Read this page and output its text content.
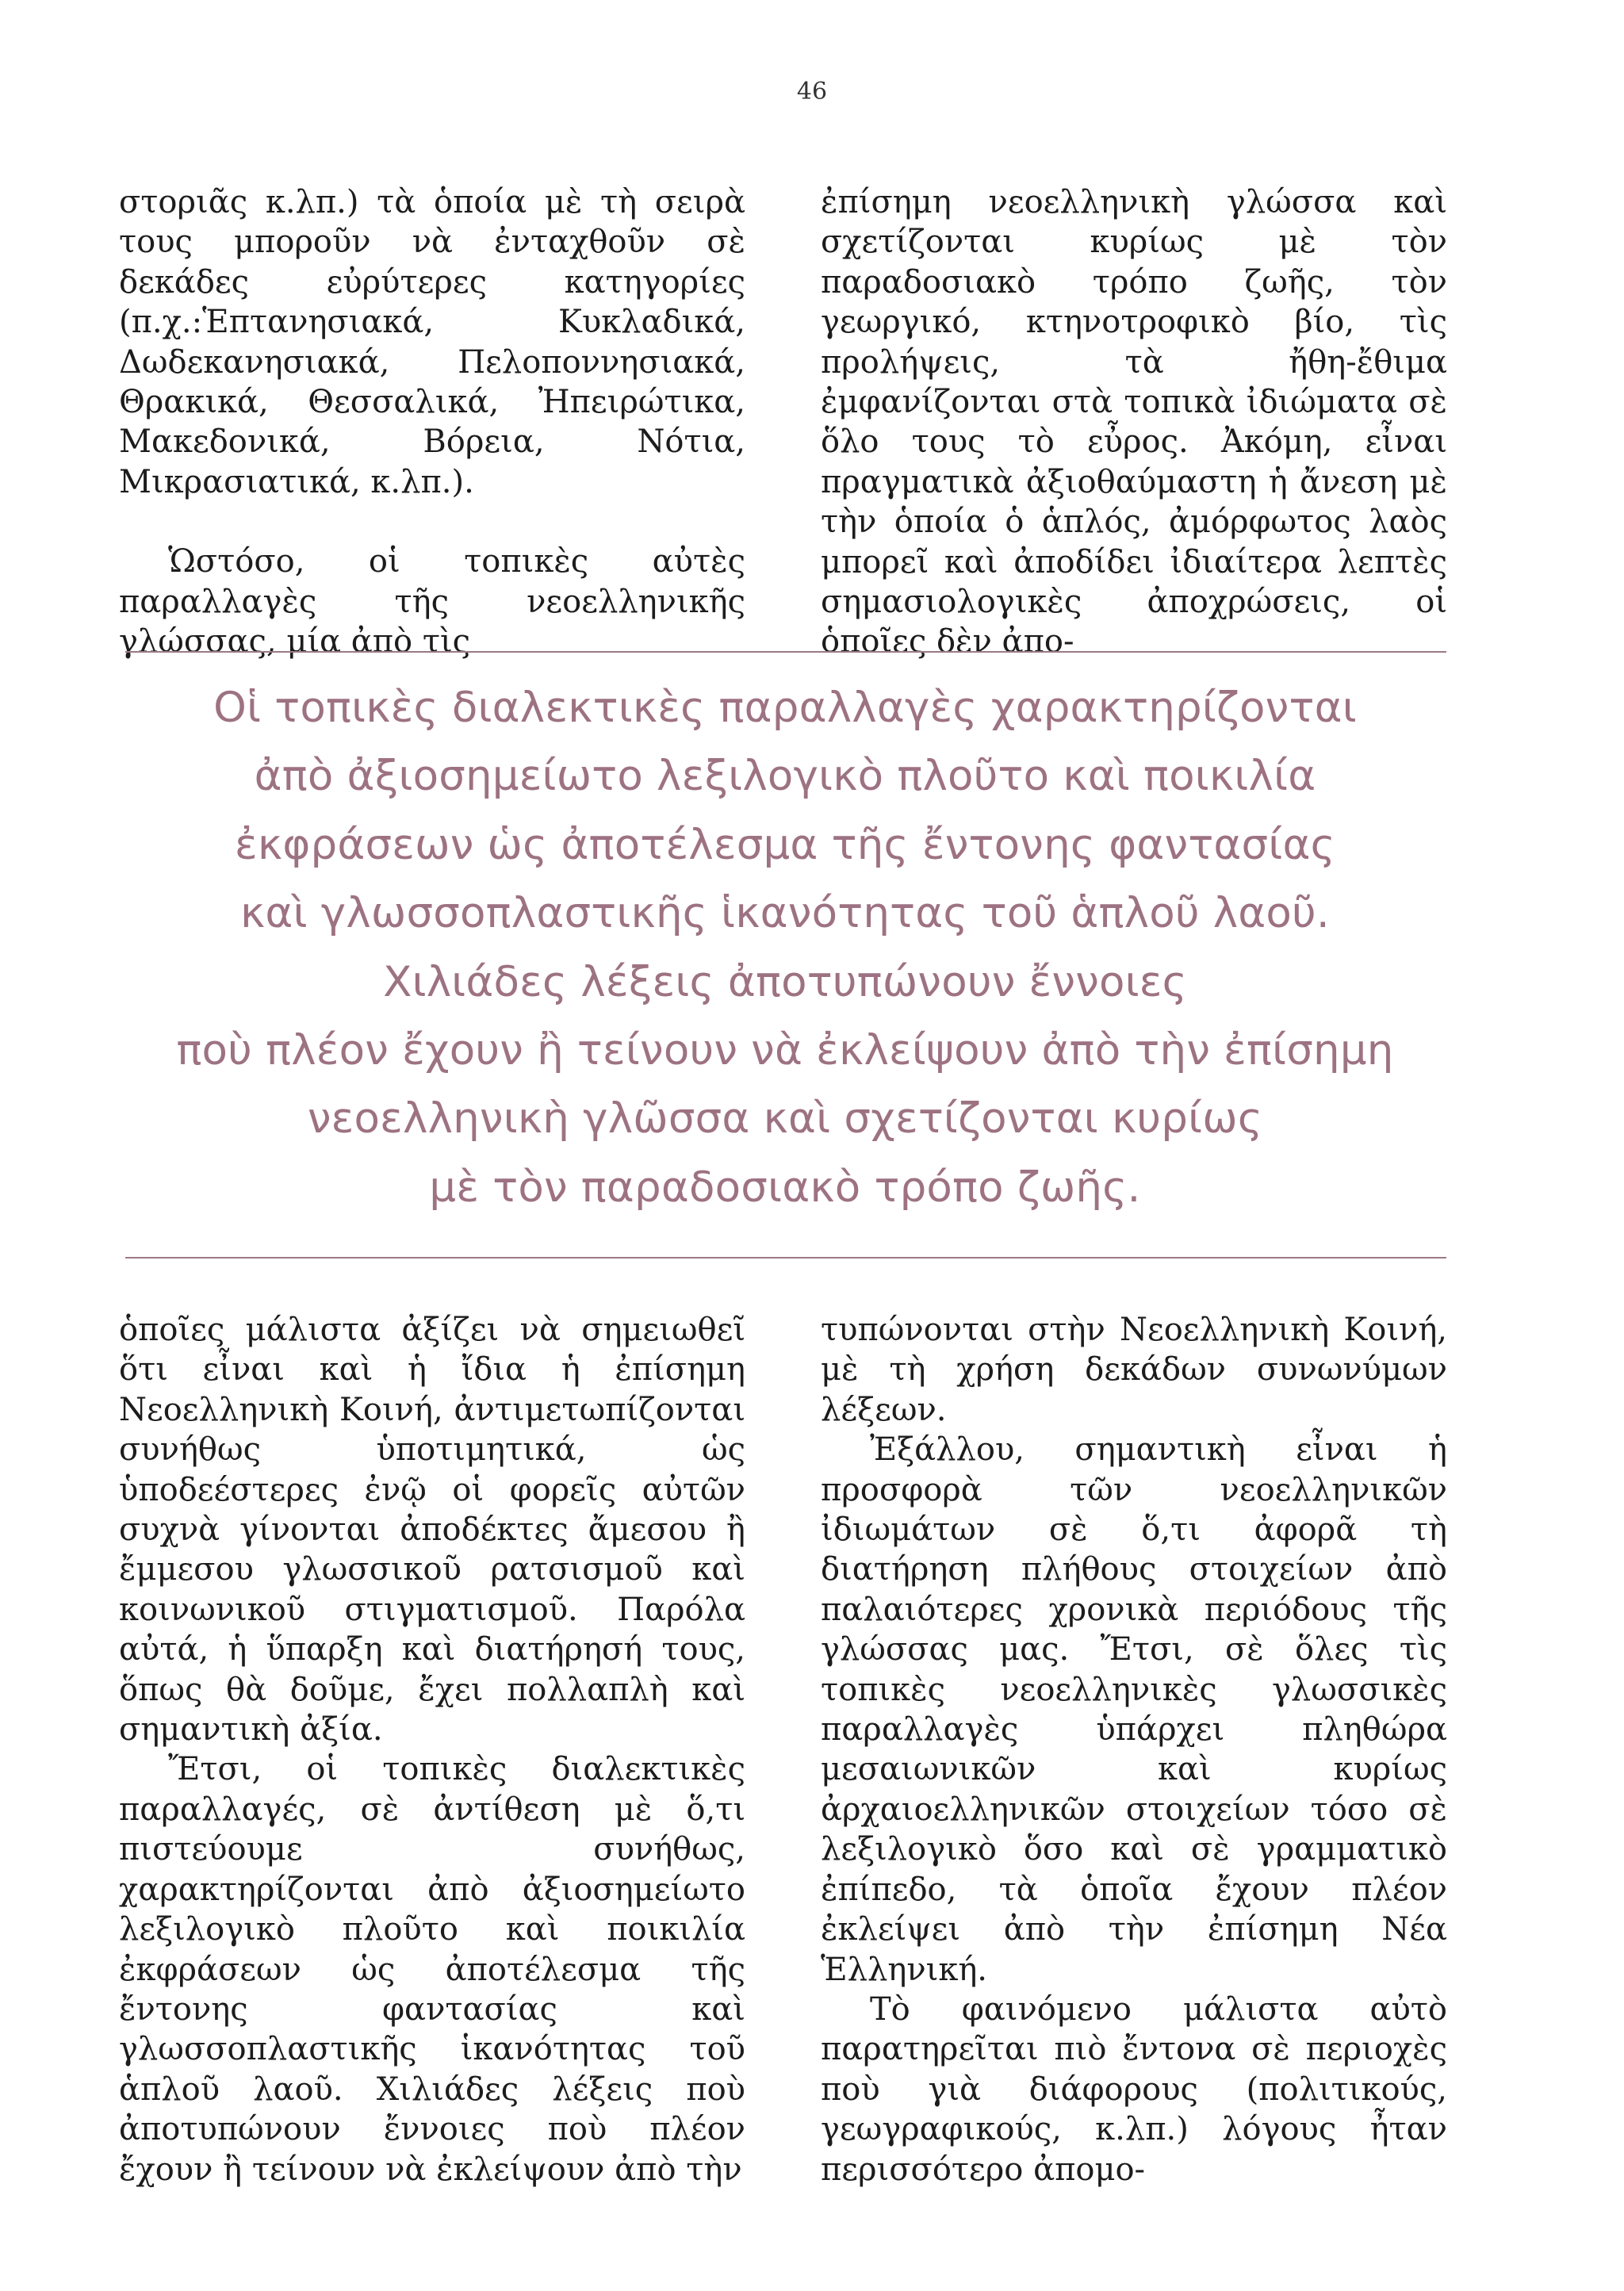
46

στοριᾶς κ.λπ.) τὰ ὁποία μὲ τὴ σειρὰ τους μποροῦν νὰ ἐνταχθοῦν σὲ δεκάδες εὐρύτερες κατηγορίες (π.χ.:Ἑπτανησιακά, Κυκλαδικά, Δωδεκανησιακά, Πελοποννησιακά, Θρακικά, Θεσσαλικά, Ἠπειρώτικα, Μακεδονικά, Βόρεια, Νότια, Μικρασιατικά, κ.λπ.).

Ὡστόσο, οἱ τοπικὲς αὐτὲς παραλλαγὲς τῆς νεοελληνικῆς γλώσσας, μία ἀπὸ τὶς

ἐπίσημη νεοελληνικὴ γλώσσα καὶ σχετίζονται κυρίως μὲ τὸν παραδοσιακὸ τρόπο ζωῆς, τὸν γεωργικό, κτηνοτροφικὸ βίο, τὶς προλήψεις, τὰ ἤθη-ἔθιμα ἐμφανίζονται στὰ τοπικὰ ἰδιώματα σὲ ὅλο τους τὸ εὖρος. Ἀκόμη, εἶναι πραγματικὰ ἀξιοθαύμαστη ἡ ἄνεση μὲ τὴν ὁποία ὁ ἁπλός, ἀμόρφωτος λαὸς μπορεῖ καὶ ἀποδίδει ἰδιαίτερα λεπτὲς σημασιολογικὲς ἀποχρώσεις, οἱ ὁποῖες δὲν ἀπο-

Οἱ τοπικὲς διαλεκτικὲς παραλλαγὲς χαρακτηρίζονται
ἀπὸ ἀξιοσημείωτο λεξιλογικὸ πλοῦτο καὶ ποικιλία
ἐκφράσεων ὡς ἀποτέλεσμα τῆς ἔντονης φαντασίας
καὶ γλωσσοπλαστικῆς ἱκανότητας τοῦ ἁπλοῦ λαοῦ.
Χιλιάδες λέξεις ἀποτυπώνουν ἔννοιες
ποὺ πλέον ἔχουν ἢ τείνουν νὰ ἐκλείψουν ἀπὸ τὴν ἐπίσημη
νεοελληνικὴ γλῶσσα καὶ σχετίζονται κυρίως
μὲ τὸν παραδοσιακὸ τρόπο ζωῆς.

ὁποῖες μάλιστα ἀξίζει νὰ σημειωθεῖ ὅτι εἶναι καὶ ἡ ἴδια ἡ ἐπίσημη Νεοελληνικὴ Κοινή, ἀντιμετωπίζονται συνήθως ὑποτιμητικά, ὡς ὑποδεέστερες ἐνῷ οἱ φορεῖς αὐτῶν συχνὰ γίνονται ἀποδέκτες ἄμεσου ἢ ἔμμεσου γλωσσικοῦ ρατσισμοῦ καὶ κοινωνικοῦ στιγματισμοῦ. Παρόλα αὐτά, ἡ ὕπαρξη καὶ διατήρησή τους, ὅπως θὰ δοῦμε, ἔχει πολλαπλὴ καὶ σημαντικὴ ἀξία.

Ἔτσι, οἱ τοπικὲς διαλεκτικὲς παραλλαγές, σὲ ἀντίθεση μὲ ὅ,τι πιστεύουμε συνήθως, χαρακτηρίζονται ἀπὸ ἀξιοσημείωτο λεξιλογικὸ πλοῦτο καὶ ποικιλία ἐκφράσεων ὡς ἀποτέλεσμα τῆς ἔντονης φαντασίας καὶ γλωσσοπλαστικῆς ἱκανότητας τοῦ ἁπλοῦ λαοῦ. Χιλιάδες λέξεις ποὺ ἀποτυπώνουν ἔννοιες ποὺ πλέον ἔχουν ἢ τείνουν νὰ ἐκλείψουν ἀπὸ τὴν

τυπώνονται στὴν Νεοελληνικὴ Κοινή, μὲ τὴ χρήση δεκάδων συνωνύμων λέξεων.

Ἐξάλλου, σημαντικὴ εἶναι ἡ προσφορὰ τῶν νεοελληνικῶν ἰδιωμάτων σὲ ὅ,τι ἀφορᾶ τὴ διατήρηση πλήθους στοιχείων ἀπὸ παλαιότερες χρονικὰ περιόδους τῆς γλώσσας μας. Ἔτσι, σὲ ὅλες τὶς τοπικὲς νεοελληνικὲς γλωσσικὲς παραλλαγὲς ὑπάρχει πληθώρα μεσαιωνικῶν καὶ κυρίως ἀρχαιοελληνικῶν στοιχείων τόσο σὲ λεξιλογικὸ ὅσο καὶ σὲ γραμματικὸ ἐπίπεδο, τὰ ὁποῖα ἔχουν πλέον ἐκλείψει ἀπὸ τὴν ἐπίσημη Νέα Ἑλληνική.

Τὸ φαινόμενο μάλιστα αὐτὸ παρατηρεῖται πιὸ ἔντονα σὲ περιοχὲς ποὺ γιὰ διάφορους (πολιτικούς, γεωγραφικούς, κ.λπ.) λόγους ἦταν περισσότερο ἀπομο-
